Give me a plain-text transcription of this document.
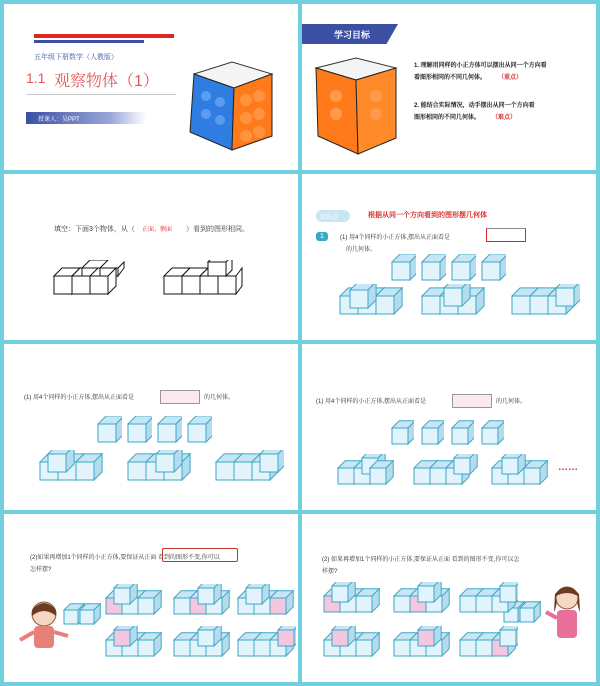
五年级下册数学（人教版）
1.1 观察物体（1）
授课人：吴PPT
学习目标
1. 理解用同样的小正方体可以摆出从同一个方向看
看图形相同的不同几何体。 （重点）
2. 能结合实际情况，动手摆出从同一个方向看
图形相同的不同几何体。 （难点）
填空：下面3个物体，从（ 正面、侧面 ）看到的图形相同。
知识点	根据从同一个方向看到的图形摆几何体
1	(1) 用4个同样的小正方体,摆出从正面看是
的几何体。
(1) 用4个同样的小正方体,摆出从正面看是	的几何体。
(1) 用4个同样的小正方体,摆出从正面看是	的几何体。
……
(2)如果再增加1个同样的小正方体,要保证从正面 看到的图形不变,你可以
怎样摆?
(2) 如果再增加1个同样的小正方体,要保证从正面 看到的图形不变,你可以怎
样摆?
